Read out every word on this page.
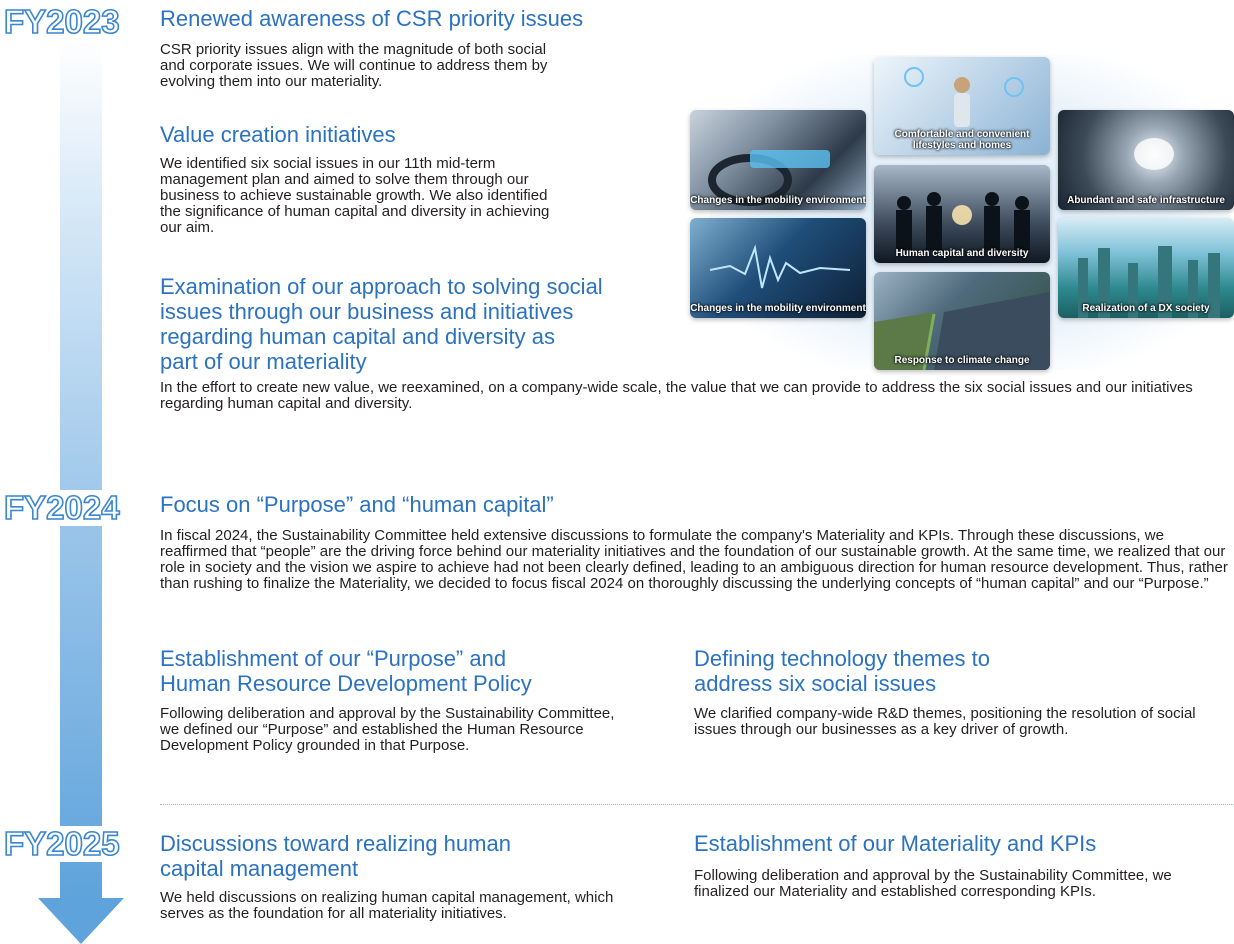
FY2023
FY2024
FY2025
Renewed awareness of CSR priority issues

CSR priority issues align with the magnitude of both social and corporate issues. We will continue to address them by evolving them into our materiality.

Value creation initiatives

We identified six social issues in our 11th mid-term management plan and aimed to solve them through our business to achieve sustainable growth. We also identified the significance of human capital and diversity in achieving our aim.

Examination of our approach to solving social
issues through our business and initiatives
regarding human capital and diversity as
part of our materiality

In the effort to create new value, we reexamined, on a company-wide scale, the value that we can provide to address the six social issues and our initiatives regarding human capital and diversity.

Changes in the mobility environment
Changes in the mobility environment
Comfortable and convenient lifestyles and homes
Human capital and diversity
Response to climate change
Abundant and safe infrastructure
Realization of a DX society
Focus on “Purpose” and “human capital”

In fiscal 2024, the Sustainability Committee held extensive discussions to formulate the company's Materiality and KPIs. Through these discussions, we reaffirmed that “people” are the driving force behind our materiality initiatives and the foundation of our sustainable growth. At the same time, we realized that our role in society and the vision we aspire to achieve had not been clearly defined, leading to an ambiguous direction for human resource development. Thus, rather than rushing to finalize the Materiality, we decided to focus fiscal 2024 on thoroughly discussing the underlying concepts of “human capital” and our “Purpose.”

Establishment of our “Purpose” and
Human Resource Development Policy

Following deliberation and approval by the Sustainability Committee, we defined our “Purpose” and established the Human Resource Development Policy grounded in that Purpose.

Defining technology themes to
address six social issues

We clarified company-wide R&D themes, positioning the resolution of social issues through our businesses as a key driver of growth.

Discussions toward realizing human
capital management

We held discussions on realizing human capital management, which serves as the foundation for all materiality initiatives.

Establishment of our Materiality and KPIs

Following deliberation and approval by the Sustainability Committee, we finalized our Materiality and established corresponding KPIs.
